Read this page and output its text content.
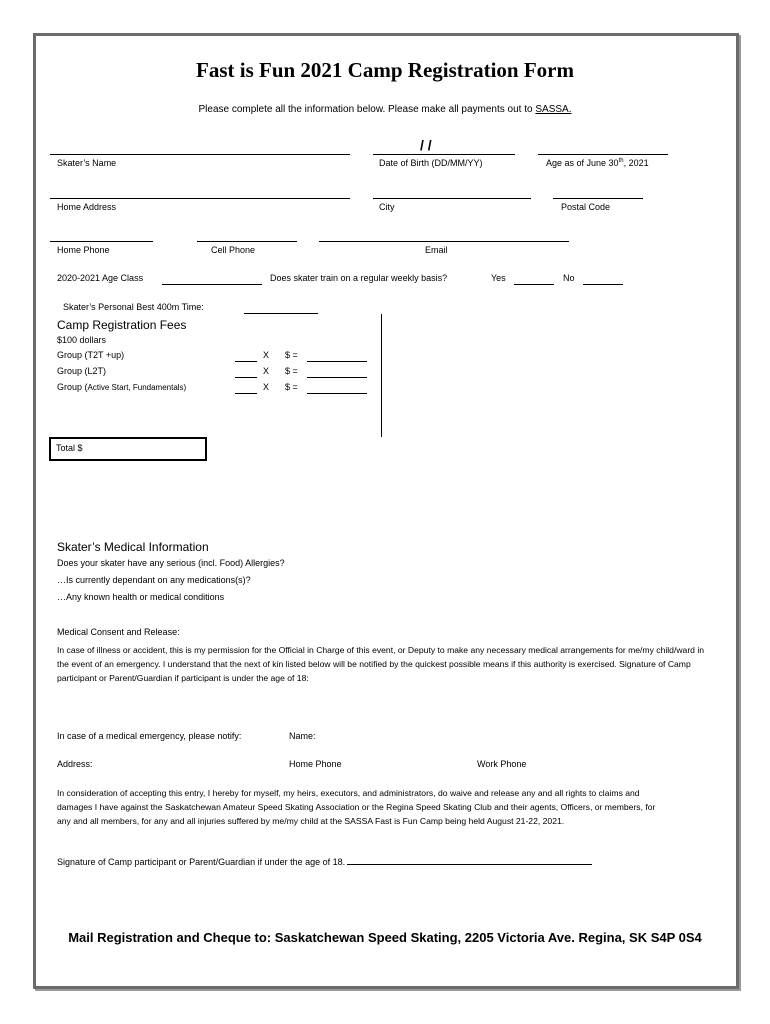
Fast is Fun 2021 Camp Registration Form
Please complete all the information below. Please make all payments out to SASSA.
Skater’s Name
/ /
Date of Birth (DD/MM/YY)	Age as of June 30th, 2021
Home Address	City	Postal Code
Home Phone	Cell Phone	Email
2020-2021 Age Class	Does skater train on a regular weekly basis?	Yes	No
Skater’s Personal Best 400m Time:
Camp Registration Fees
$100 dollars
Group (T2T +up)	X $ =
Group (L2T)	X $ =
Group (Active Start, Fundamentals)	X $ =
Total $
Skater’s Medical Information
Does your skater have any serious (incl. Food) Allergies?
…Is currently dependant on any medications(s)?
…Any known health or medical conditions
Medical Consent and Release:
In case of illness or accident, this is my permission for the Official in Charge of this event, or Deputy to make any necessary medical arrangements for me/my child/ward in the event of an emergency. I understand that the next of kin listed below will be notified by the quickest possible means if this authority is exercised. Signature of Camp participant or Parent/Guardian if participant is under the age of 18:
In case of a medical emergency, please notify:	Name:
Address:	Home Phone	Work Phone
In consideration of accepting this entry, I hereby for myself, my heirs, executors, and administrators, do waive and release any and all rights to claims and damages I have against the Saskatchewan Amateur Speed Skating Association or the Regina Speed Skating Club and their agents, Officers, or members, for any and all members, for any and all injuries suffered by me/my child at the SASSA Fast is Fun Camp being held August 21-22, 2021.
Signature of Camp participant or Parent/Guardian if under the age of 18.
Mail Registration and Cheque to: Saskatchewan Speed Skating, 2205 Victoria Ave. Regina, SK S4P 0S4
